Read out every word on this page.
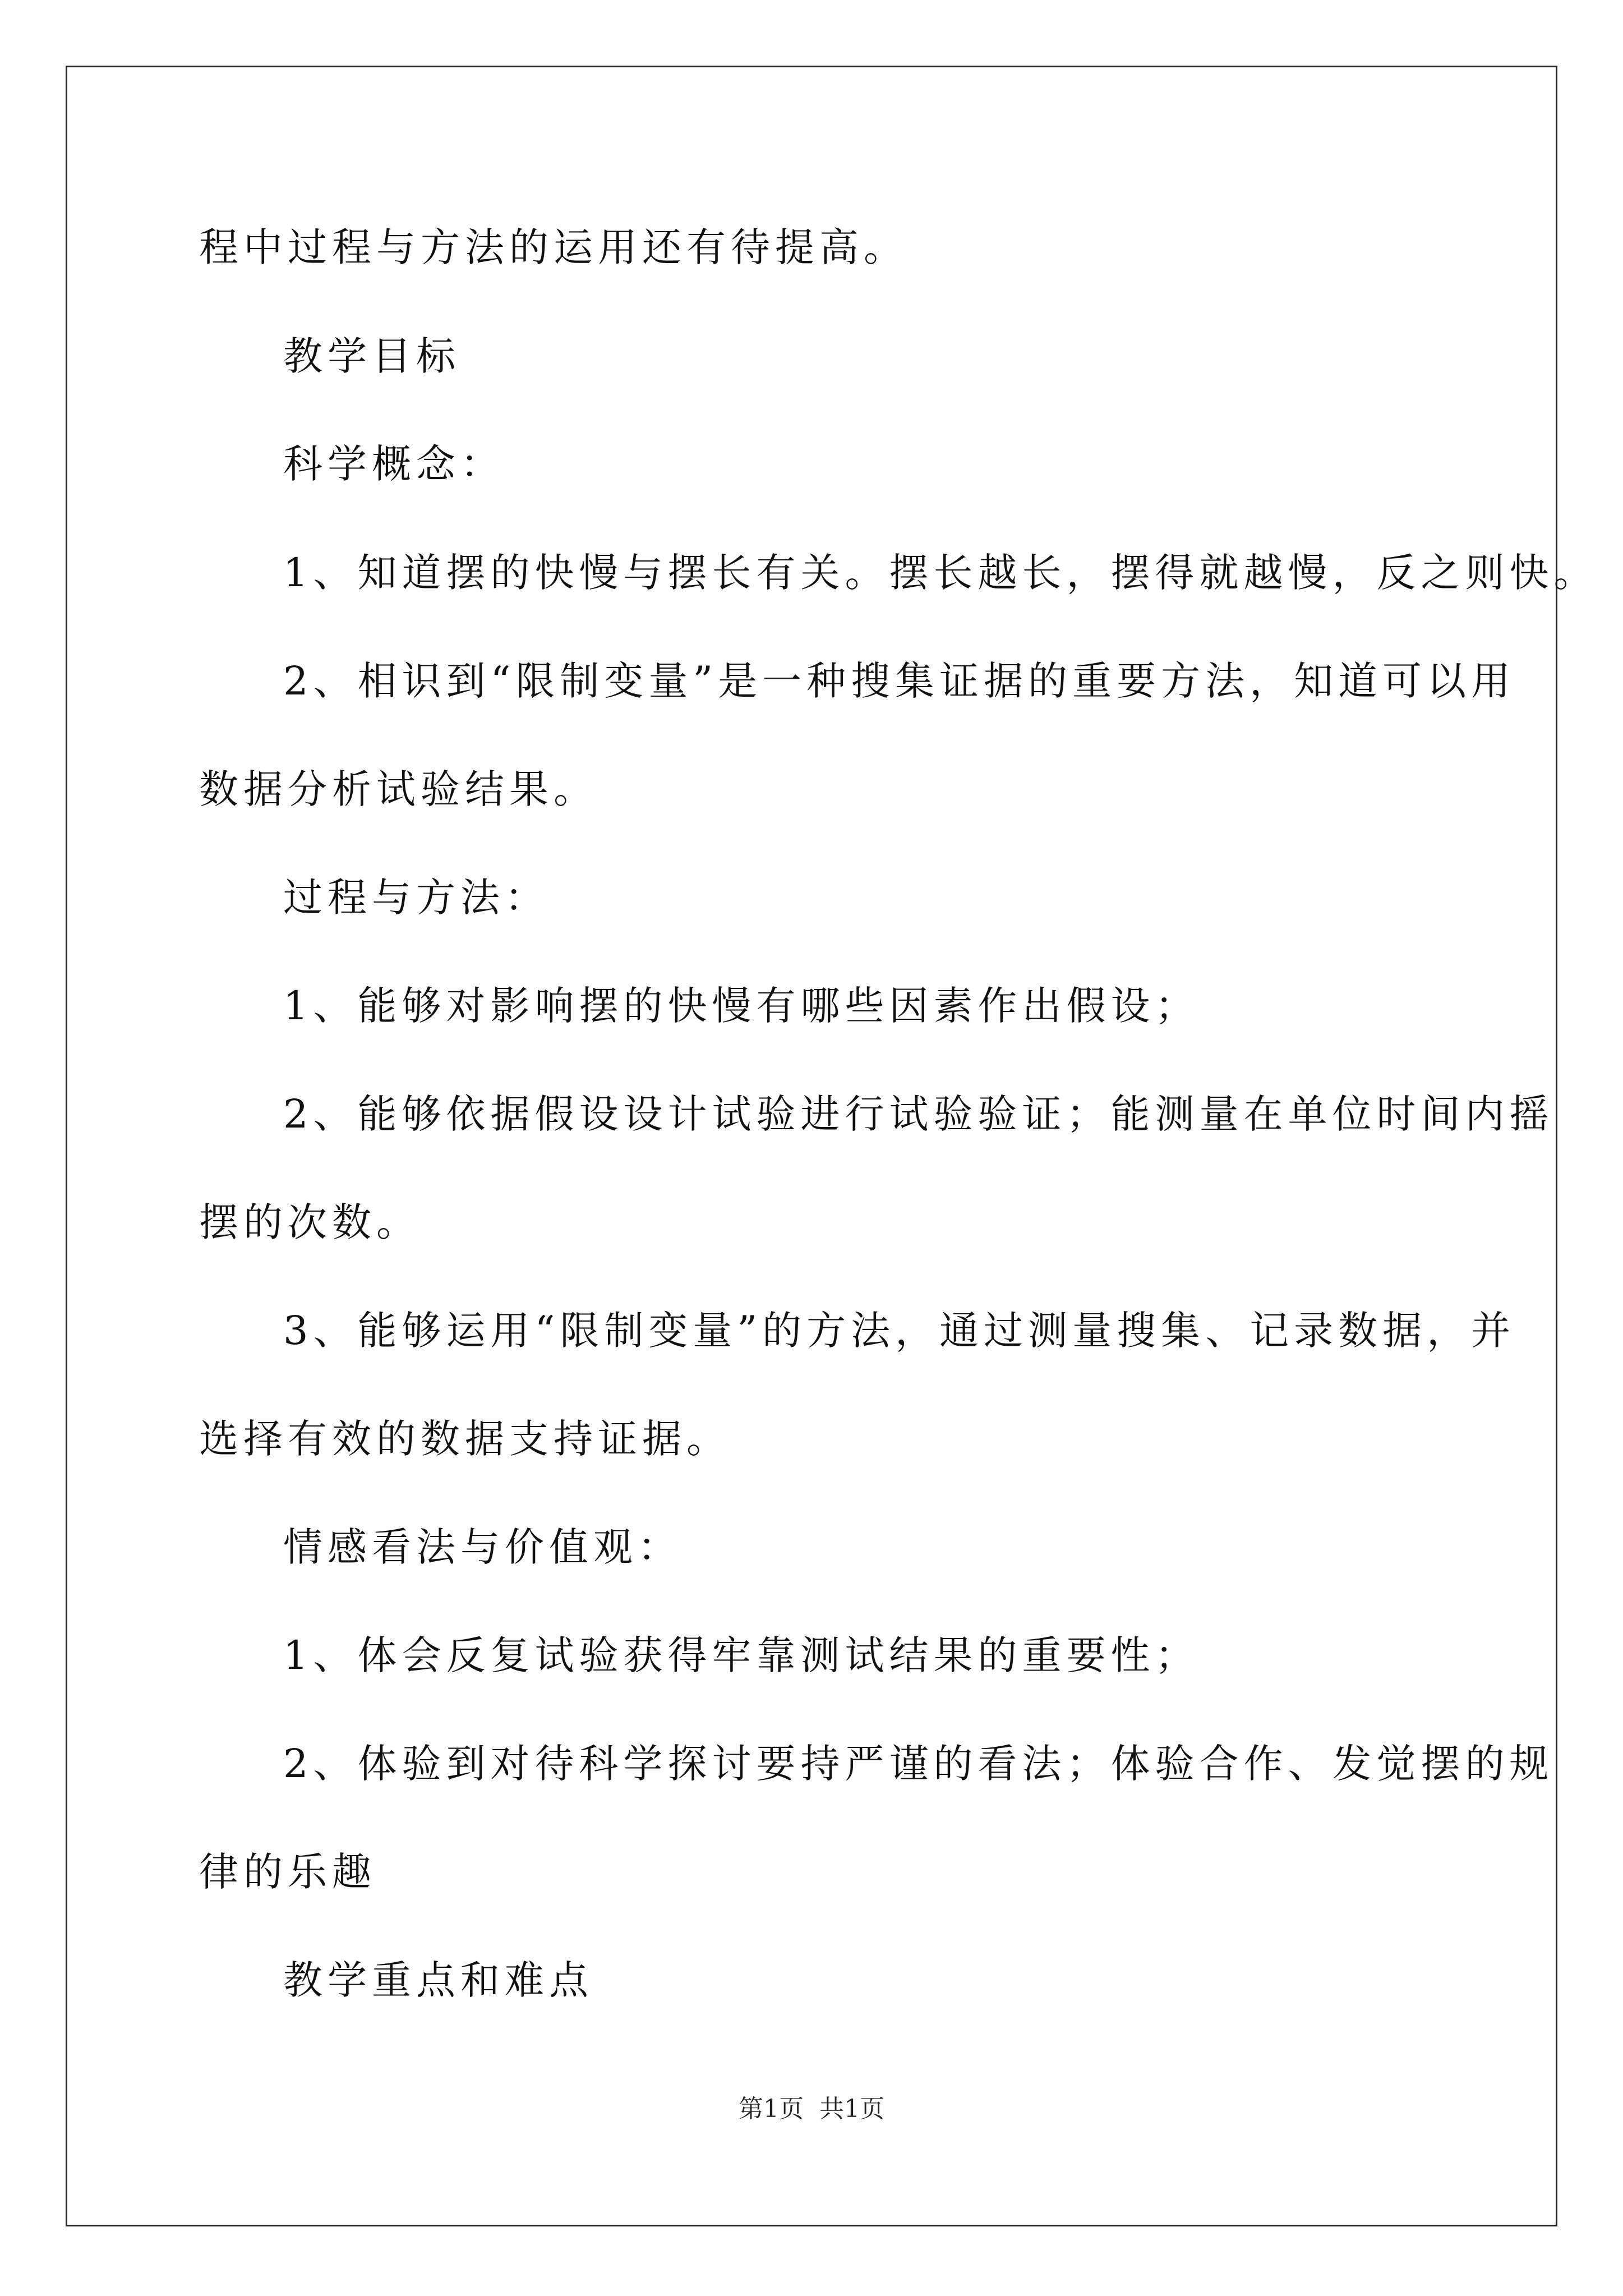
程中过程与方法的运用还有待提高。
教学目标
科学概念：
1、知道摆的快慢与摆长有关。摆长越长，摆得就越慢，反之则快。
2、相识到“限制变量”是一种搜集证据的重要方法，知道可以用
数据分析试验结果。
过程与方法：
1、能够对影响摆的快慢有哪些因素作出假设；
2、能够依据假设设计试验进行试验验证；能测量在单位时间内摇
摆的次数。
3、能够运用“限制变量”的方法，通过测量搜集、记录数据，并
选择有效的数据支持证据。
情感看法与价值观：
1、体会反复试验获得牢靠测试结果的重要性；
2、体验到对待科学探讨要持严谨的看法；体验合作、发觉摆的规
律的乐趣
教学重点和难点
第1页 共1页
